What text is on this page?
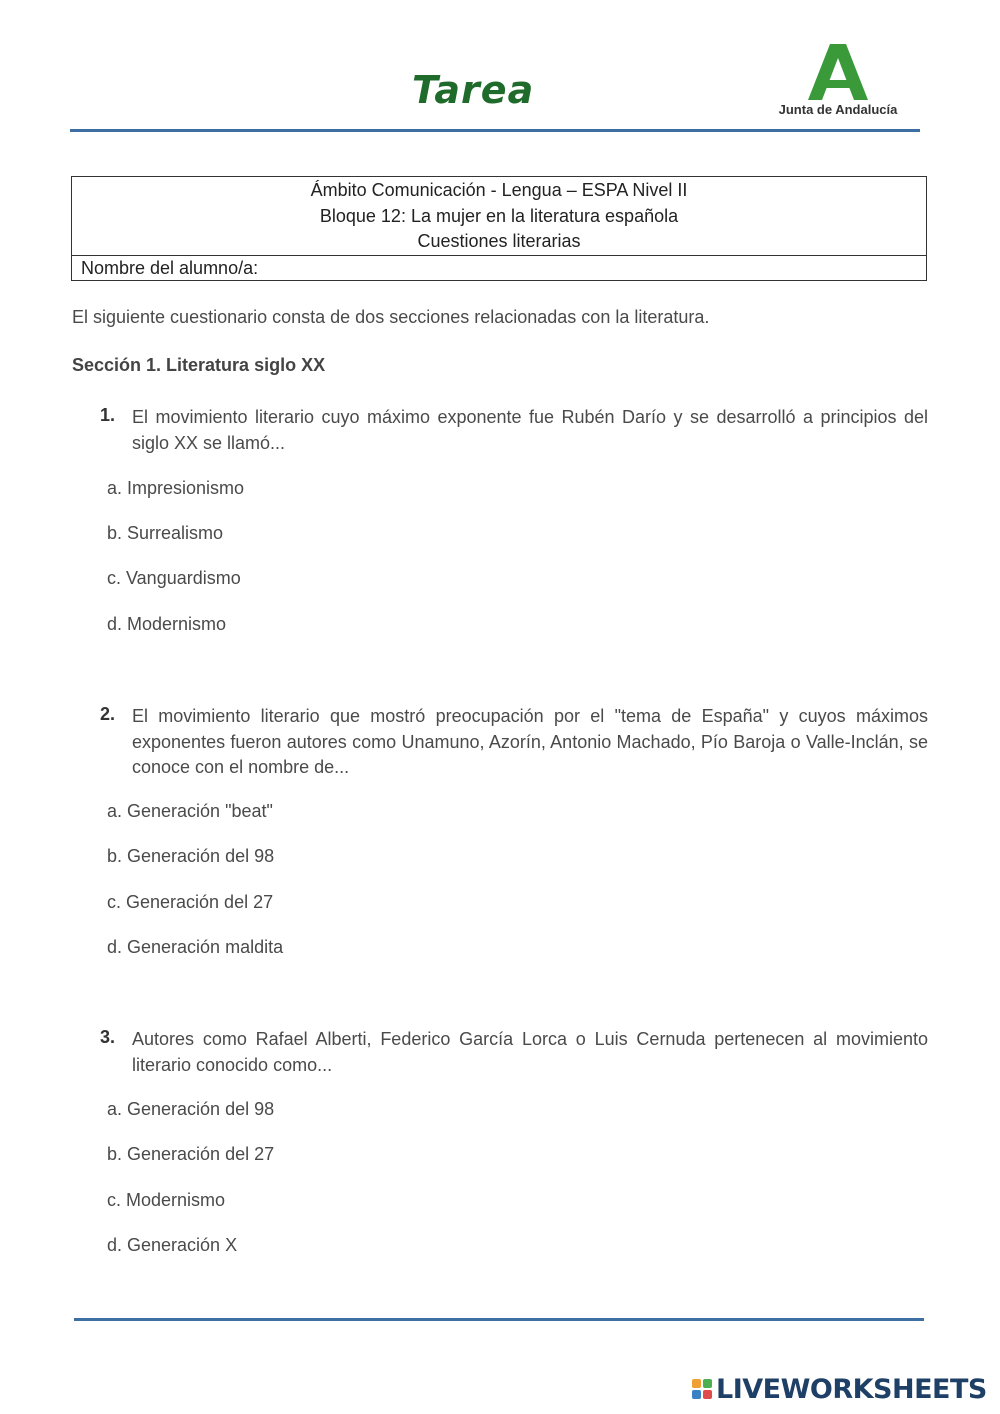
Tarea	Junta de Andalucía
Ámbito Comunicación - Lengua – ESPA Nivel II
Bloque 12: La mujer en la literatura española
Cuestiones literarias
Nombre del alumno/a:
El siguiente cuestionario consta de dos secciones relacionadas con la literatura.
Sección 1. Literatura siglo XX
1. El movimiento literario cuyo máximo exponente fue Rubén Darío y se desarrolló a principios del siglo XX se llamó...
a. Impresionismo
b. Surrealismo
c. Vanguardismo
d. Modernismo
2. El movimiento literario que mostró preocupación por el "tema de España" y cuyos máximos exponentes fueron autores como Unamuno, Azorín, Antonio Machado, Pío Baroja o Valle-Inclán, se conoce con el nombre de...
a. Generación "beat"
b. Generación del 98
c. Generación del 27
d. Generación maldita
3. Autores como Rafael Alberti, Federico García Lorca o Luis Cernuda pertenecen al movimiento literario conocido como...
a. Generación del 98
b. Generación del 27
c. Modernismo
d. Generación X
LIVEWORKSHEETS
